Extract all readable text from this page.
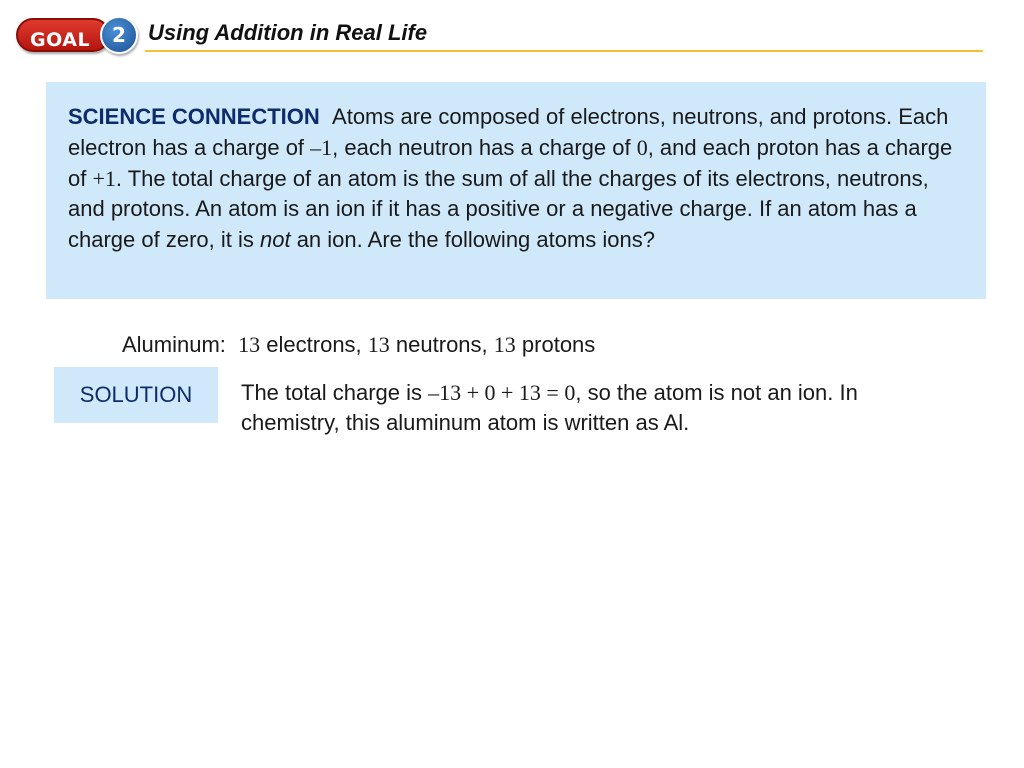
GOAL	2	Using Addition in Real Life

SCIENCE CONNECTION Atoms are composed of electrons, neutrons, and protons. Each electron has a charge of –1, each neutron has a charge of 0, and each proton has a charge of +1. The total charge of an atom is the sum of all the charges of its electrons, neutrons, and protons. An atom is an ion if it has a positive or a negative charge. If an atom has a charge of zero, it is not an ion. Are the following atoms ions?

Aluminum: 13 electrons, 13 neutrons, 13 protons
SOLUTION	The total charge is –13 + 0 + 13 = 0, so the atom is not an ion. In chemistry, this aluminum atom is written as Al.
